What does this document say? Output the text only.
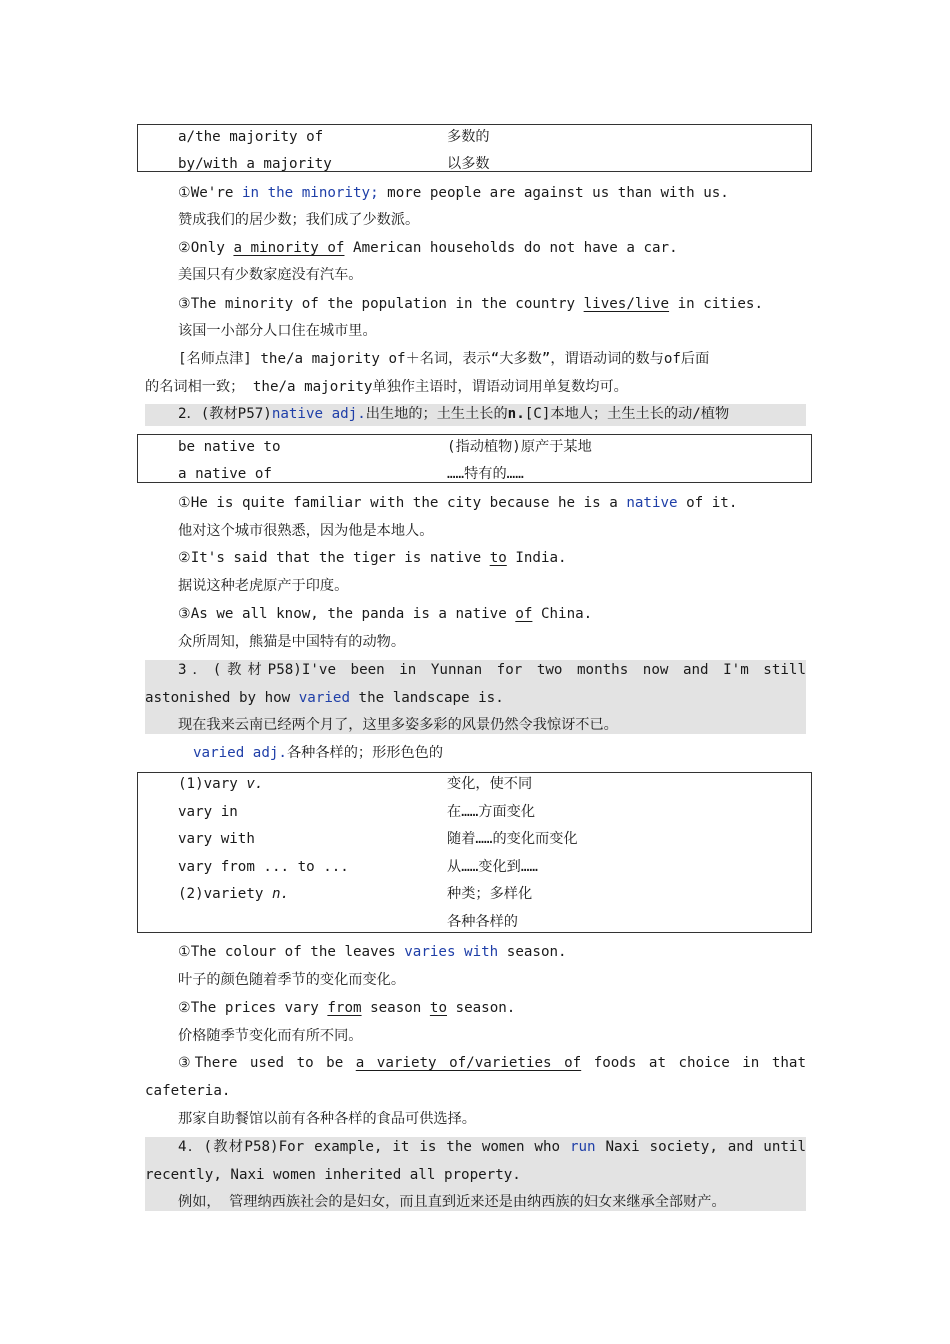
a/the majority of	多数的
by/with a majority	以多数
①We're in the minority; more people are against us than with us.
赞成我们的居少数；我们成了少数派。
②Only a minority of American households do not have a car.
美国只有少数家庭没有汽车。
③The minority of the population in the country lives/live in cities.
该国一小部分人口住在城市里。
[名师点津] the/a majority of＋名词，表示“大多数”，谓语动词的数与of后面
的名词相一致； the/a majority单独作主语时，谓语动词用单复数均可。
2．(教材P57)native adj.出生地的；土生土长的n.[C]本地人；土生土长的动/植物
be native to	(指动植物)原产于某地
a native of	……特有的……
①He is quite familiar with the city because he is a native of it.
他对这个城市很熟悉，因为他是本地人。
②It's said that the tiger is native to India.
据说这种老虎原产于印度。
③As we all know, the panda is a native of China.
众所周知，熊猫是中国特有的动物。
3．(教材P58)I've been in Yunnan for two months now and I'm still
astonished by how varied the landscape is.
现在我来云南已经两个月了，这里多姿多彩的风景仍然令我惊讶不已。
varied adj.各种各样的；形形色色的
(1)vary v.	变化，使不同
vary in	在……方面变化
vary with	随着……的变化而变化
vary from ... to ...	从……变化到……
(2)variety n.	种类；多样化
各种各样的
①The colour of the leaves varies with season.
叶子的颜色随着季节的变化而变化。
②The prices vary from season to season.
价格随季节变化而有所不同。
③There used to be a variety of/varieties of foods at choice in that
cafeteria.
那家自助餐馆以前有各种各样的食品可供选择。
4．(教材P58)For example, it is the women who run Naxi society, and until
recently, Naxi women inherited all property.
例如， 管理纳西族社会的是妇女，而且直到近来还是由纳西族的妇女来继承全部财产。
